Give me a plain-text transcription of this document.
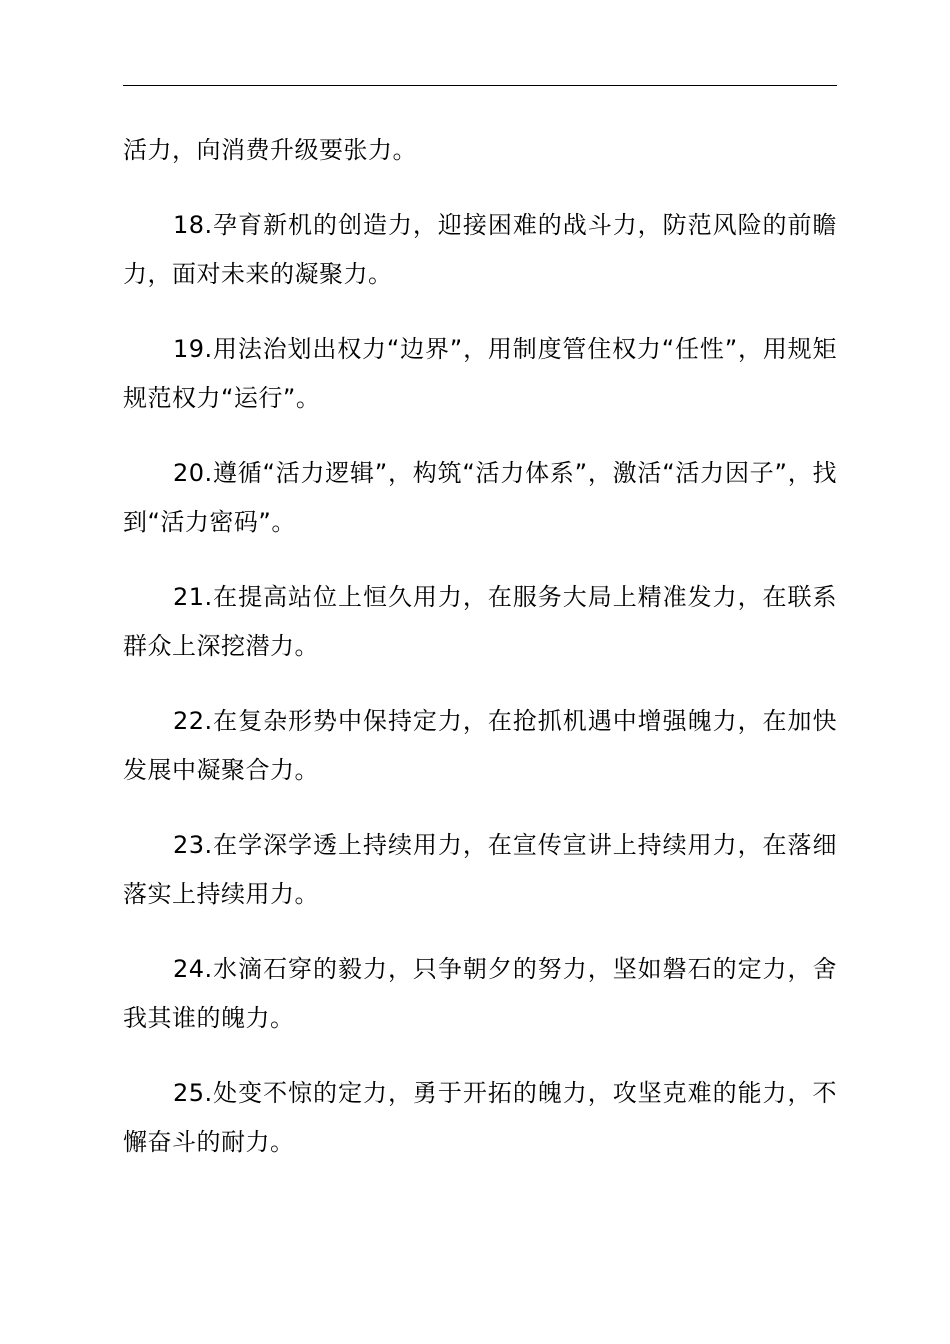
活力，向消费升级要张力。

18.孕育新机的创造力，迎接困难的战斗力，防范风险的前瞻力，面对未来的凝聚力。

19.用法治划出权力“边界”，用制度管住权力“任性”，用规矩规范权力“运行”。

20.遵循“活力逻辑”，构筑“活力体系”，激活“活力因子”，找到“活力密码”。

21.在提高站位上恒久用力，在服务大局上精准发力，在联系群众上深挖潜力。

22.在复杂形势中保持定力，在抢抓机遇中增强魄力，在加快发展中凝聚合力。

23.在学深学透上持续用力，在宣传宣讲上持续用力，在落细落实上持续用力。

24.水滴石穿的毅力，只争朝夕的努力，坚如磐石的定力，舍我其谁的魄力。

25.处变不惊的定力，勇于开拓的魄力，攻坚克难的能力，不懈奋斗的耐力。
